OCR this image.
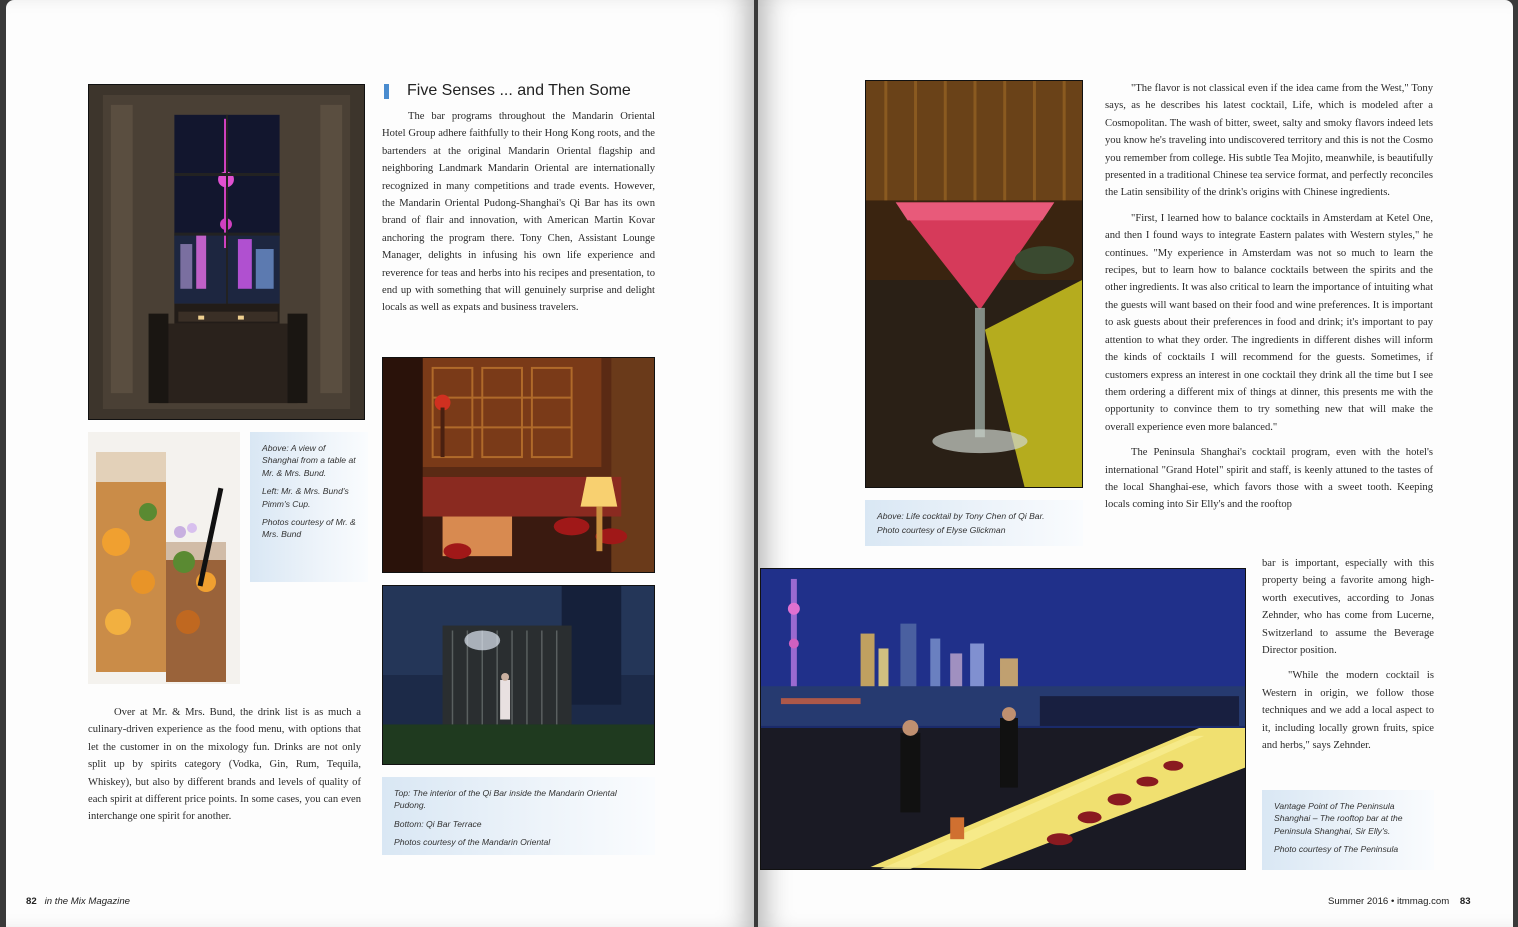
Above: A view of Shanghai from a table at Mr. & Mrs. Bund.

Left: Mr. & Mrs. Bund's Pimm's Cup.

Photos courtesy of Mr. & Mrs. Bund

Over at Mr. & Mrs. Bund, the drink list is as much a culinary-driven experience as the food menu, with options that let the customer in on the mixology fun. Drinks are not only split up by spirits category (Vodka, Gin, Rum, Tequila, Whiskey), but also by different brands and levels of quality of each spirit at different price points. In some cases, you can even interchange one spirit for another.

Five Senses ... and Then Some

The bar programs throughout the Mandarin Oriental Hotel Group adhere faithfully to their Hong Kong roots, and the bartenders at the original Mandarin Oriental flagship and neighboring Landmark Mandarin Oriental are internationally recognized in many competitions and trade events. However, the Mandarin Oriental Pudong-Shanghai's Qi Bar has its own brand of flair and innovation, with American Martin Kovar anchoring the program there. Tony Chen, Assistant Lounge Manager, delights in infusing his own life experience and reverence for teas and herbs into his recipes and presentation, to end up with something that will genuinely surprise and delight locals as well as expats and business travelers.

Top: The interior of the Qi Bar inside the Mandarin Oriental Pudong.

Bottom: Qi Bar Terrace

Photos courtesy of the Mandarin Oriental

82 in the Mix Magazine

Above: Life cocktail by Tony Chen of Qi Bar.

Photo courtesy of Elyse Glickman

"The flavor is not classical even if the idea came from the West," Tony says, as he describes his latest cocktail, Life, which is modeled after a Cosmopolitan. The wash of bitter, sweet, salty and smoky flavors indeed lets you know he's traveling into undiscovered territory and this is not the Cosmo you remember from college. His subtle Tea Mojito, meanwhile, is beautifully presented in a traditional Chinese tea service format, and perfectly reconciles the Latin sensibility of the drink's origins with Chinese ingredients.

"First, I learned how to balance cocktails in Amsterdam at Ketel One, and then I found ways to integrate Eastern palates with Western styles," he continues. "My experience in Amsterdam was not so much to learn the recipes, but to learn how to balance cocktails between the spirits and the other ingredients. It was also critical to learn the importance of intuiting what the guests will want based on their food and wine preferences. It is important to ask guests about their preferences in food and drink; it's important to pay attention to what they order. The ingredients in different dishes will inform the kinds of cocktails I will recommend for the guests. Sometimes, if customers express an interest in one cocktail they drink all the time but I see them ordering a different mix of things at dinner, this presents me with the opportunity to convince them to try something new that will make the overall experience even more balanced."

The Peninsula Shanghai's cocktail program, even with the hotel's international "Grand Hotel" spirit and staff, is keenly attuned to the tastes of the local Shanghai-ese, which favors those with a sweet tooth. Keeping locals coming into Sir Elly's and the rooftop

bar is important, especially with this property being a favorite among high-worth executives, according to Jonas Zehnder, who has come from Lucerne, Switzerland to assume the Beverage Director position.

"While the modern cocktail is Western in origin, we follow those techniques and we add a local aspect to it, including locally grown fruits, spice and herbs," says Zehnder.

Vantage Point of The Peninsula Shanghai – The rooftop bar at the Peninsula Shanghai, Sir Elly's.

Photo courtesy of The Peninsula

Summer 2016 • itmmag.com 83
